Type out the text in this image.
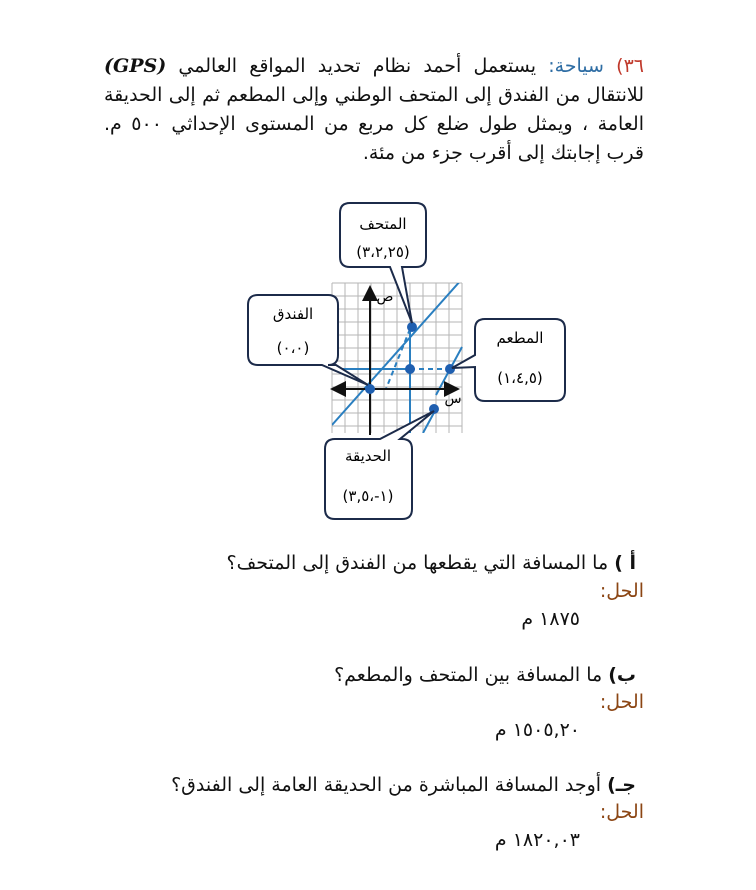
٣٦) سياحة: يستعمل أحمد نظام تحديد المواقع العالمي (GPS) للانتقال من الفندق إلى المتحف الوطني وإلى المطعم ثم إلى الحديقة العامة ، ويمثل طول ضلع كل مربع من المستوى الإحداثي ٥٠٠ م. قرب إجابتك إلى أقرب جزء من مئة.
ص
س
المتحف
(٣،٢,٢٥)
الفندق
(٠،٠)
المطعم
(١،٤,٥)
الحديقة
(١-،٣,٥)
أ ) ما المسافة التي يقطعها من الفندق إلى المتحف؟
الحل:
١٨٧٥ م
ب) ما المسافة بين المتحف والمطعم؟
الحل:
١٥٠٥,٢٠ م
جـ) أوجد المسافة المباشرة من الحديقة العامة إلى الفندق؟
الحل:
١٨٢٠,٠٣ م
